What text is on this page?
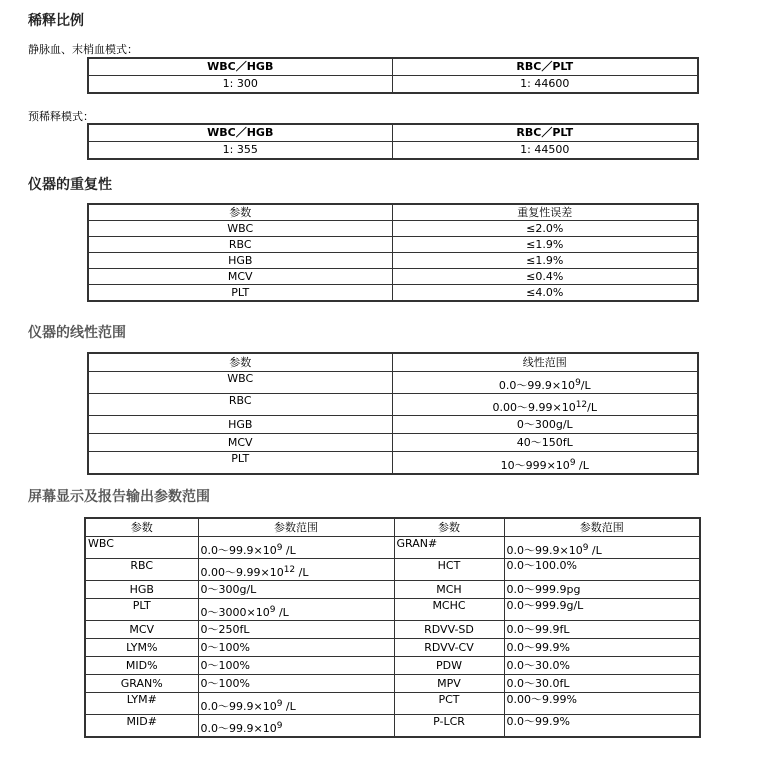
稀释比例
静脉血、末梢血模式：
WBC／HGB	RBC／PLT
1: 300	1: 44600
预稀释模式：
WBC／HGB	RBC／PLT
1: 355	1: 44500
仪器的重复性
参数	重复性误差
WBC	≤2.0%
RBC	≤1.9%
HGB	≤1.9%
MCV	≤0.4%
PLT	≤4.0%
仪器的线性范围
参数	线性范围
WBC	$0.0\sim 99.9\times 10^9/L$
RBC	$0.00\sim 9.99\times 10^{12}/L$
HGB	0～300g/L
MCV	40～150fL
PLT	$10\sim 999\times 10^9$ /L
屏幕显示及报告输出参数范围
参数	参数范围	参数	参数范围
WBC	$0.0\sim 99.9\times 10^9$ /L	GRAN#	$0.0\sim 99.9\times 10^9$ /L
RBC	$0.00\sim 9.99\times 10^{12}$ /L	HCT	0.0～100.0%
HGB	0～300g/L	MCH	0.0～999.9pg
PLT	$0\sim 3000\times 10^9$ /L	MCHC	0.0～999.9g/L
MCV	0～250fL	RDVV-SD	0.0～99.9fL
LYM%	0～100%	RDVV-CV	0.0～99.9%
MID%	0～100%	PDW	0.0～30.0%
GRAN%	0～100%	MPV	0.0～30.0fL
LYM#	$0.0\sim 99.9\times 10^9$ /L	PCT	0.00～9.99%
MID#	$0.0\sim 99.9\times 10^9$	P-LCR	0.0～99.9%
